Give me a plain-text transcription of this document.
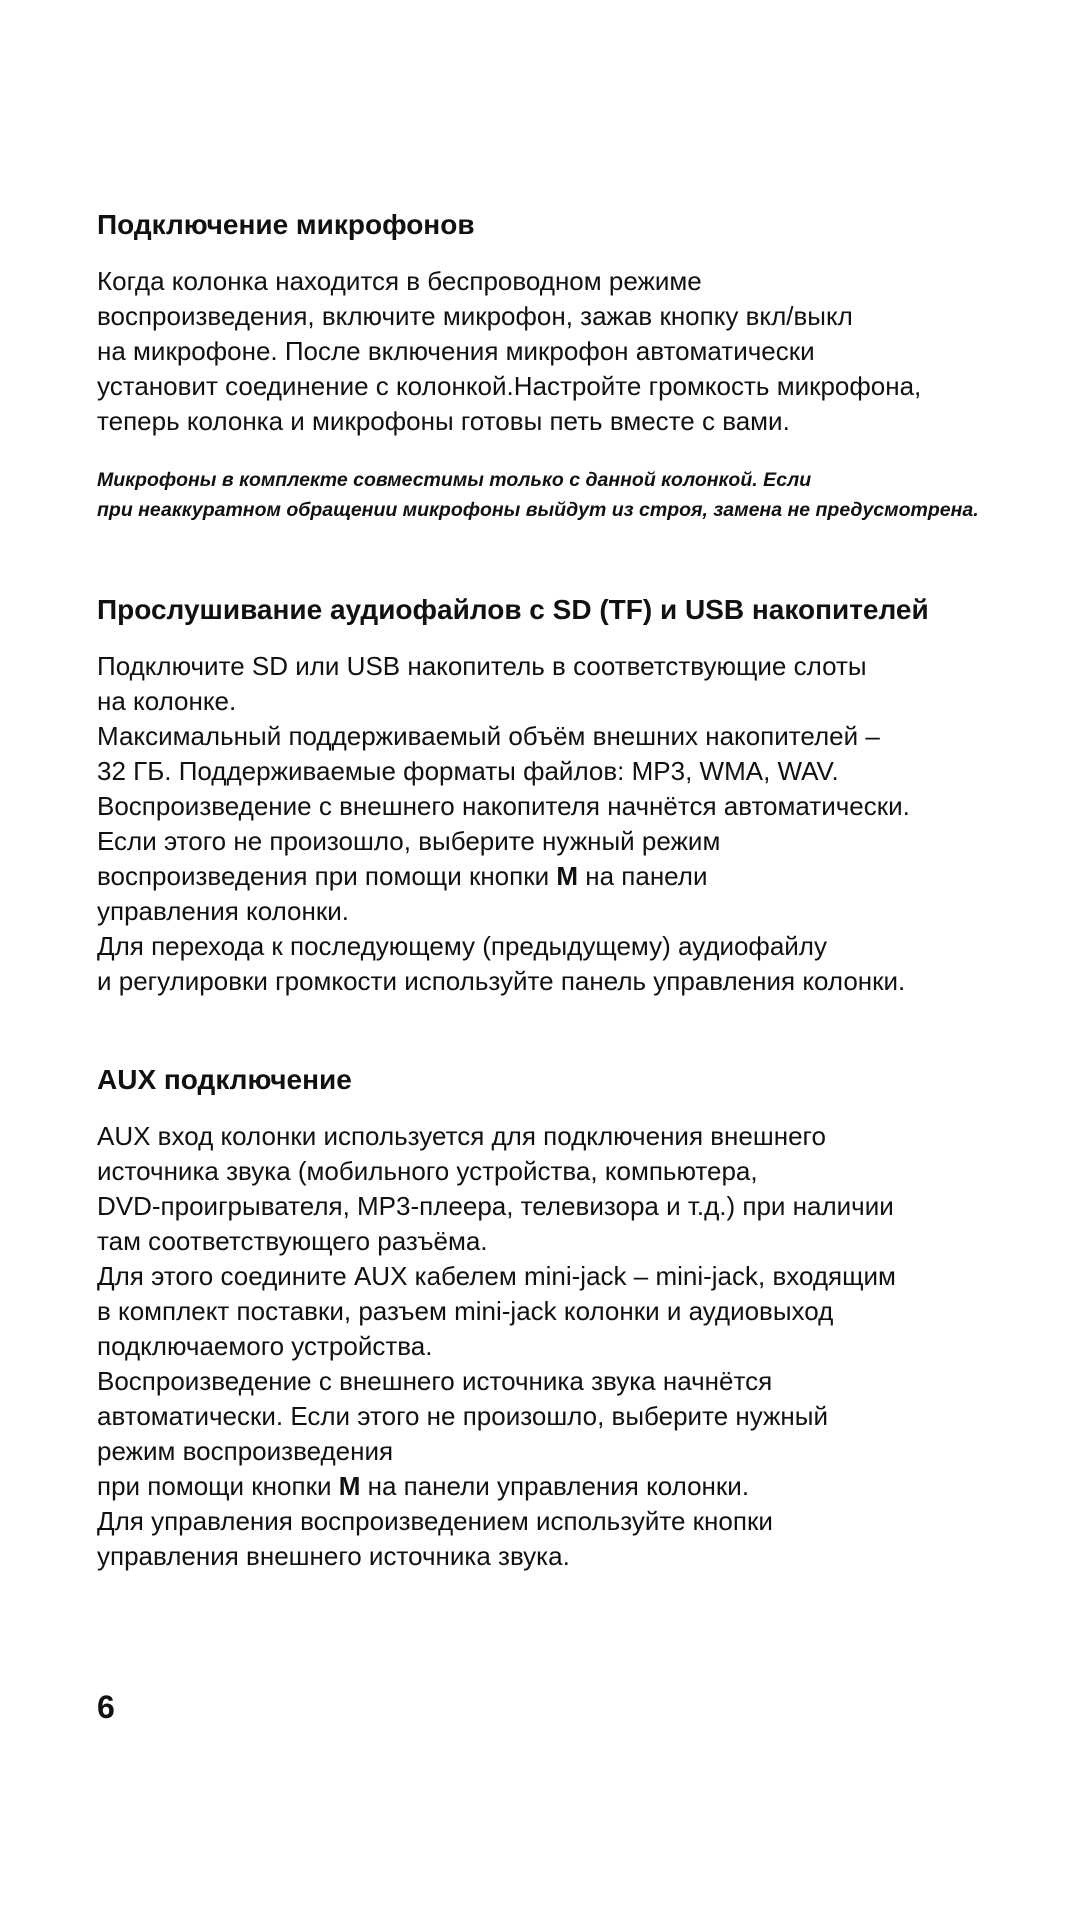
Подключение микрофонов

Когда колонка находится в беспроводном режиме
воспроизведения, включите микрофон, зажав кнопку вкл/выкл
на микрофоне. После включения микрофон автоматически
установит соединение с колонкой.Настройте громкость микрофона,
теперь колонка и микрофоны готовы петь вместе с вами.

Микрофоны в комплекте совместимы только с данной колонкой. Если
при неаккуратном обращении микрофоны выйдут из строя, замена не предусмотрена.

Прослушивание аудиофайлов с SD (TF) и USB накопителей

Подключите SD или USB накопитель в соответствующие слоты
на колонке.
Максимальный поддерживаемый объём внешних накопителей –
32 ГБ. Поддерживаемые форматы файлов: MP3, WMA, WAV.
Воспроизведение с внешнего накопителя начнётся автоматически.
Если этого не произошло, выберите нужный режим
воспроизведения при помощи кнопки M на панели
управления колонки.
Для перехода к последующему (предыдущему) аудиофайлу
и регулировки громкости используйте панель управления колонки.

AUX подключение

AUX вход колонки используется для подключения внешнего
источника звука (мобильного устройства, компьютера,
DVD-проигрывателя, MP3-плеера, телевизора и т.д.) при наличии
там соответствующего разъёма.
Для этого соедините AUX кабелем mini-jack – mini-jack, входящим
в комплект поставки, разъем mini-jack колонки и аудиовыход
подключаемого устройства.
Воспроизведение с внешнего источника звука начнётся
автоматически. Если этого не произошло, выберите нужный
режим воспроизведения
при помощи кнопки M на панели управления колонки.
Для управления воспроизведением используйте кнопки
управления внешнего источника звука.

6
